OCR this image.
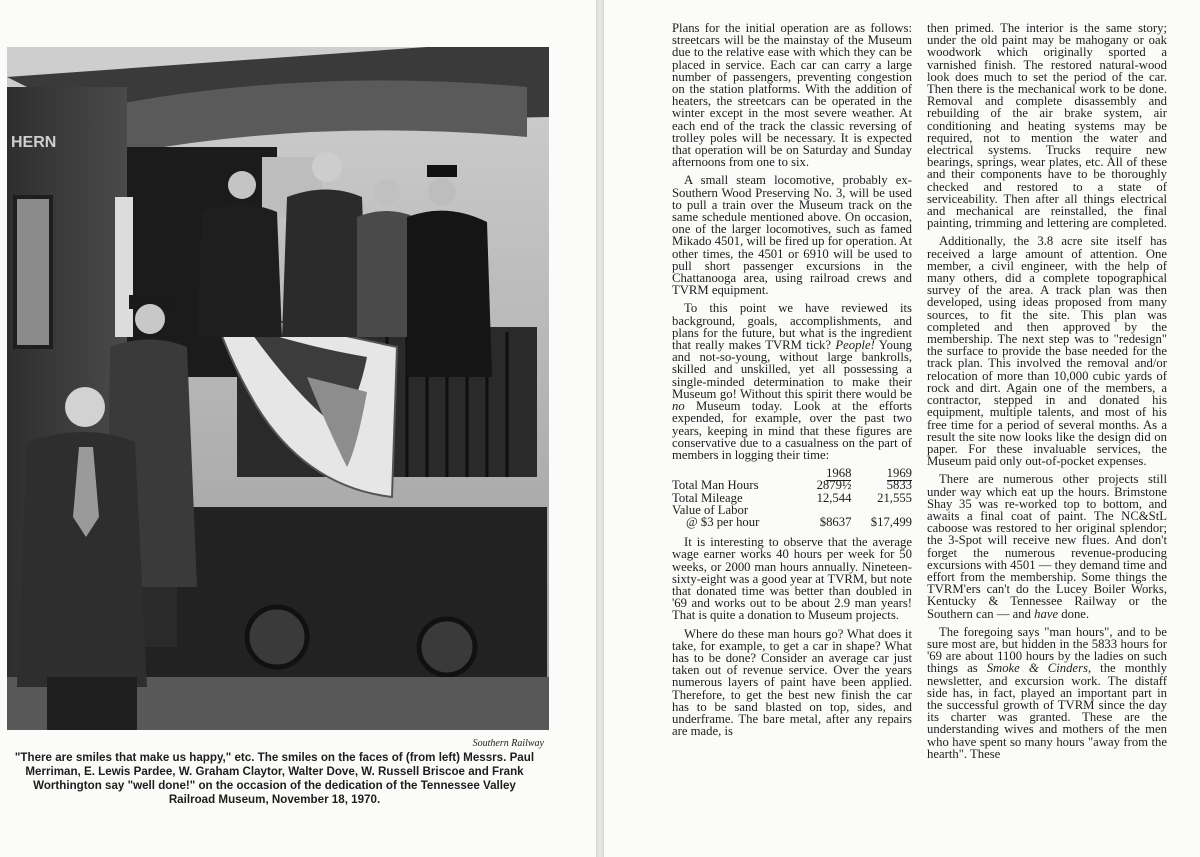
HERN
Southern Railway
"There are smiles that make us happy," etc. The smiles on the faces of (from left) Messrs. Paul Merriman, E. Lewis Pardee, W. Graham Claytor, Walter Dove, W. Russell Briscoe and Frank Worthington say "well done!" on the occasion of the dedication of the Tennessee Valley Railroad Museum, November 18, 1970.

Plans for the initial operation are as follows: streetcars will be the mainstay of the Museum due to the relative ease with which they can be placed in service. Each car can carry a large number of passengers, preventing congestion on the station platforms. With the addition of heaters, the streetcars can be operated in the winter except in the most severe weather. At each end of the track the classic reversing of trolley poles will be necessary. It is expected that operation will be on Saturday and Sunday afternoons from one to six.

A small steam locomotive, probably ex-Southern Wood Preserving No. 3, will be used to pull a train over the Museum track on the same schedule mentioned above. On occasion, one of the larger locomotives, such as famed Mikado 4501, will be fired up for operation. At other times, the 4501 or 6910 will be used to pull short passenger excursions in the Chattanooga area, using railroad crews and TVRM equipment.

To this point we have reviewed its background, goals, accomplishments, and plans for the future, but what is the ingredient that really makes TVRM tick? People! Young and not-so-young, without large bankrolls, skilled and unskilled, yet all possessing a single-minded determination to make their Museum go! Without this spirit there would be no Museum today. Look at the efforts expended, for example, over the past two years, keeping in mind that these figures are conservative due to a casualness on the part of members in logging their time:

	1968	1969
Total Man Hours	2879½	5833
Total Mileage	12,544	21,555
Value of Labor		
@ $3 per hour	$8637	$17,499

It is interesting to observe that the average wage earner works 40 hours per week for 50 weeks, or 2000 man hours annually. Nineteen-sixty-eight was a good year at TVRM, but note that donated time was better than doubled in '69 and works out to be about 2.9 man years! That is quite a donation to Museum projects.

Where do these man hours go? What does it take, for example, to get a car in shape? What has to be done? Consider an average car just taken out of revenue service. Over the years numerous layers of paint have been applied. Therefore, to get the best new finish the car has to be sand blasted on top, sides, and underframe. The bare metal, after any repairs are made, is

then primed. The interior is the same story; under the old paint may be mahogany or oak woodwork which originally sported a varnished finish. The restored natural-wood look does much to set the period of the car. Then there is the mechanical work to be done. Removal and complete disassembly and rebuilding of the air brake system, air conditioning and heating systems may be required, not to mention the water and electrical systems. Trucks require new bearings, springs, wear plates, etc. All of these and their components have to be thoroughly checked and restored to a state of serviceability. Then after all things electrical and mechanical are reinstalled, the final painting, trimming and lettering are completed.

Additionally, the 3.8 acre site itself has received a large amount of attention. One member, a civil engineer, with the help of many others, did a complete topographical survey of the area. A track plan was then developed, using ideas proposed from many sources, to fit the site. This plan was completed and then approved by the membership. The next step was to "redesign" the surface to provide the base needed for the track plan. This involved the removal and/or relocation of more than 10,000 cubic yards of rock and dirt. Again one of the members, a contractor, stepped in and donated his equipment, multiple talents, and most of his free time for a period of several months. As a result the site now looks like the design did on paper. For these invaluable services, the Museum paid only out-of-pocket expenses.

There are numerous other projects still under way which eat up the hours. Brimstone Shay 35 was re-worked top to bottom, and awaits a final coat of paint. The NC&StL caboose was restored to her original splendor; the 3-Spot will receive new flues. And don't forget the numerous revenue-producing excursions with 4501 — they demand time and effort from the membership. Some things the TVRM'ers can't do the Lucey Boiler Works, Kentucky & Tennessee Railway or the Southern can — and have done.

The foregoing says "man hours", and to be sure most are, but hidden in the 5833 hours for '69 are about 1100 hours by the ladies on such things as Smoke & Cinders, the monthly newsletter, and excursion work. The distaff side has, in fact, played an important part in the successful growth of TVRM since the day its charter was granted. These are the understanding wives and mothers of the men who have spent so many hours "away from the hearth". These
